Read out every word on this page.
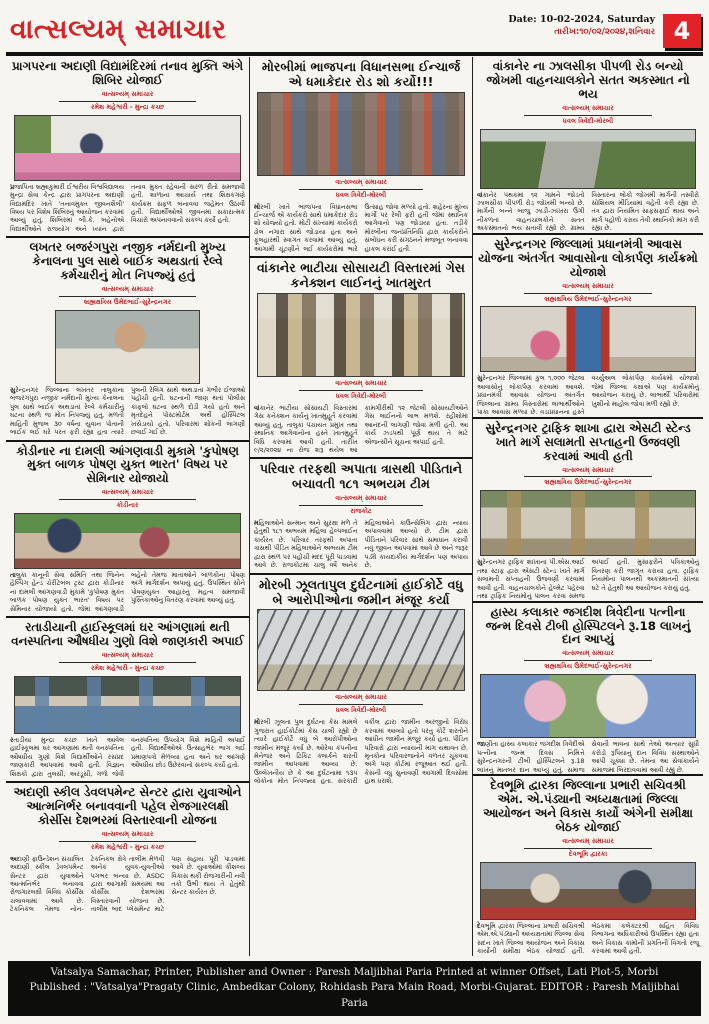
વાત્સલ્યમ્ સમાચાર	Date: 10-02-2024, Saturday
તારીખ:૧૦/૦૨/૨૦૨૪,શનિવાર 4
પ્રાગપરના અદાણી વિદ્યામંદિરમાં તનાવ મુક્તિ અંગે શિબિર યોજાઈ
વાત્સલ્યમ્ સમાચાર
રમેશ મહેશ્વરી - મુન્દ્રા કચ્છ
પ્રજાપિતા બ્રહ્માકુમારી ઈશ્વરીય વિશ્વવિદ્યાલય મુન્દ્રા સેવા કેન્દ્ર દ્વારા પ્રાગપરના અદાણી વિદ્યામંદિર ખાતે 'તનાવમુક્ત જીવનશૈલી' વિષય પર વિશેષ શિબિરનું આયોજન કરવામાં આવ્યું હતું. શિબિરમાં બી.કે. બહેનોએ વિદ્યાર્થીઓને રાજયોગ અને ધ્યાન દ્વારા તનાવ મુક્ત રહેવાની સરળ રીતો સમજાવી હતી. શાળાના આચાર્ય તથા શિક્ષકગણે કાર્યક્રમ સફળ બનાવવા જહેમત ઉઠાવી હતી. વિદ્યાર્થીઓએ જીવનમાં સકારાત્મક વિચારો અપનાવવાનો સંકલ્પ કર્યો હતો.
લખતર બજરંગપુરા નજીક નર્મદાની મુખ્ય કેનાલના પુલ સાથે બાઈક અથડાતાં રેલ્વે કર્મચારીનું મોત નિપજ્યું હતું
વાત્સલ્યમ્ સમાચાર
બ્રહ્મક્ષત્રિય ઉમેદભાઈ-સુરેન્દ્રનગર
સુરેન્દ્રનગર જિલ્લાના લખતર તાલુકાના બજરંગપુરા નજીક નર્મદાની મુખ્ય કેનાલના પુલ સાથે બાઈક અથડાતાં રેલ્વે કર્મચારીનું ઘટના સ્થળે જ મોત નિપજ્યું હતું. મળતી માહિતી મુજબ ૩૦ વર્ષના યુવાન પોતાની બાઈક લઈ ઘરે પરત ફરી રહ્યા હતા ત્યારે પુલની રેલિંગ સાથે અથડાતાં ગંભીર ઈજાઓ પહોંચી હતી. ઘટનાની જાણ થતાં પોલીસ કાફલો ઘટના સ્થળે દોડી ગયો હતો અને મૃતદેહને પોસ્ટમોર્ટમ અર્થે હોસ્પિટલ ખસેડાયો હતો. પરિવારમાં શોકની લાગણી છવાઈ ગઈ છે.
કોડીનાર ના દામલી આંગણવાડી મુકામે 'કુપોષણ મુક્ત બાળક પોષણ યુક્ત ભારત' વિષય પર સેમિનાર યોજાયો
વાત્સલ્યમ્ સમાચાર
કોડીનાર
તાલુકા કાનૂની સેવા સમિતિ તથા જિનેન હેલ્પિંગ હેન્ડ ચેરીટેબલ ટ્રસ્ટ દ્વારા કોડીનાર ના દામલી આંગણવાડી મુકામે 'કુપોષણ મુક્ત બાળક પોષણ યુક્ત ભારત' વિષય પર સેમિનાર યોજાયો હતો. જેમાં આંગણવાડી બહેનો તેમજ માતાઓને બાળકોના પોષણ અંગે માર્ગદર્શન અપાયું હતું. ઉપસ્થિત સૌને પોષણયુક્ત આહારનું મહત્વ સમજાવી પુસ્તિકાઓનું વિતરણ કરવામાં આવ્યું હતું.
રતાડીયાની હાઈસ્કૂલમાં ઘર આંગણામાં થતી વનસ્પતિના ઔષધીય ગુણો વિશે જાણકારી અપાઈ
વાત્સલ્યમ્ સમાચાર
રમેશ મહેશ્વરી - મુન્દ્રા કચ્છ
રતાડીયા મુન્દ્રા કચ્છ ખાતે આવેલ હાઈસ્કૂલમાં ઘર આંગણામાં થતી વનસ્પતિના ઔષધીય ગુણો વિશે વિદ્યાર્થીઓને રસપ્રદ જાણકારી આપવામાં આવી હતી. વિજ્ઞાન શિક્ષકો દ્વારા તુલસી, અરડૂસી, ગળો જેવી વનસ્પતિના ઉપયોગ વિશે માહિતી અપાઈ હતી. વિદ્યાર્થીઓએ ઉત્સાહભેર ભાગ લઈ પ્રમાણપત્રો મેળવ્યા હતા અને ઘર આંગણે ઔષધીય છોડ ઉછેરવાનો સંકલ્પ કર્યો હતો.
અદાણી સ્કીલ ડેવલપમેન્ટ સેન્ટર દ્વારા યુવાઓને આત્મનિર્ભર બનાવવાની પહેલ રોજગારલક્ષી કોર્સીસ દેશભરમાં વિસ્તારવાની યોજના
વાત્સલ્યમ્ સમાચાર
રમેશ મહેશ્વરી - મુન્દ્રા કચ્છ
અદાણી ફાઉન્ડેશન સંચાલિત અદાણી સ્કીલ ડેવલપમેન્ટ સેન્ટર દ્વારા યુવાઓને આત્મનિર્ભર બનાવવા રોજગારલક્ષી વિવિધ કોર્સીસ ચલાવવામાં આવે છે. ટેકનિકલ તેમજ નોન-ટેકનિકલ ક્ષેત્રે તાલીમ મેળવી અનેક યુવક-યુવતીઓ પગભર બન્યા છે. ASDC દ્વારા આગામી સમયમાં આ કોર્સીસ દેશભરમાં વિસ્તારવાની યોજના છે. તાલીમ બાદ પ્લેસમેન્ટ માટે પણ સહાય પૂરી પાડવામાં આવે છે. યુવાઓમાં કૌશલ્ય વિકાસ થકી રોજગારીની નવી તકો ઉભી થાય તે હેતુથી સેન્ટર કાર્યરત છે.
મોરબીમાં ભાજપના વિધાનસભા ઈન્ચાર્જ એ ધમાકેદાર રોડ શો કર્યો!!!
વાત્સલ્યમ્ સમાચાર
ધવલ ત્રિવેદી-મોરબી
મોરબી ખાતે ભાજપના વિધાનસભા ઈન્ચાર્જ એ કાર્યકરો સાથે ધમાકેદાર રોડ શો યોજ્યો હતો. મોટી સંખ્યામાં કાર્યકરો ઢોલ નગારા સાથે જોડાયા હતા અને ફૂલહારથી સ્વાગત કરવામાં આવ્યું હતું. આગામી ચૂંટણીને લઈ કાર્યકરોમાં ભારે ઉત્સાહ જોવા મળ્યો હતો. શહેરના મુખ્ય માર્ગો પર રેલી ફરી હતી જેમાં સ્થાનિક આગેવાનો પણ જોડાયા હતા. તડીકે મોરબીના જનપ્રતિનિધિ દ્વારા કાર્યકરોને સંબોધન કરી સંગઠનને મજબૂત બનાવવા હાકલ કરાઈ હતી.
વાંકાનેર ભાટીયા સોસાયટી વિસ્તારમાં ગેસ કનેક્શન લાઈનનું ખાતમુરત
વાત્સલ્યમ્ સમાચાર
ધવલ ત્રિવેદી-મોરબી
વાંકાનેર ભાટીયા સોસાયટી વિસ્તારમાં ગેસ કનેક્શન કાર્યનું ખાતમુહૂર્ત કરવામાં આવ્યું હતું. તાલુકા પંચાયત પ્રમુખ તથા સ્થાનિક આગેવાનોના હસ્તે ખાતમુહૂર્ત વિધિ કરવામાં આવી હતી. તારીખ ૯/૨/૨૦૨૪ ના રોજ શરૂ થયેલ આ કામગીરીથી ૧૨ જેટલી સોસાયટીઓને ગેસ લાઈનનો લાભ મળશે. રહીશોમાં આનંદની લાગણી જોવા મળી હતી. આ કાર્ય ઝડપથી પૂર્ણ થાય તે માટે એજન્સીને સૂચના અપાઈ હતી.
પરિવાર તરફથી અપાતા ત્રાસથી પીડિતાને બચાવતી ૧૮૧ અભયમ ટીમ
વાત્સલ્યમ્ સમાચાર
રાજકોટ
મહિલાઓને સન્માન અને સુરક્ષા મળે તે હેતુથી ૧૮૧ અભયમ મહિલા હેલ્પલાઈન કાર્યરત છે. પરિવાર તરફથી અપાતા ત્રાસથી પીડિત મહિલાઓને અભયમ ટીમ દ્વારા સ્થળ પર પહોંચી મદદ પૂરી પાડવામાં આવે છે. રાજકોટમાં ચાલુ વર્ષે અનેક મહિલાઓને કાઉન્સેલિંગ દ્વારા ન્યાય અપાવવામાં આવ્યો છે. ટીમ દ્વારા પીડિતાને પરિવાર સાથે સમાધાન કરાવી નવું જીવન આપવામાં આવે છે અને જરૂર પડ્યે કાયદાકીય માર્ગદર્શન પણ અપાય છે.
મોરબી ઝૂલતાપુલ દુર્ઘટનામાં હાઈકોર્ટે વધુ બે આરોપીઓના જમીન મંજૂર કર્યા
વાત્સલ્યમ્ સમાચાર
ધવલ ત્રિવેદી-મોરબી
મોરબી ઝૂલતા પુલ દુર્ઘટના કેસ મામલે ગુજરાત હાઈકોર્ટમાં કેસ ચાલી રહ્યો છે ત્યારે હાઈકોર્ટે વધુ બે આરોપીઓના જામીન મંજૂર કર્યા છે. ઓરેવા કંપનીના મેનેજર અને ટિકિટ ક્લાર્કને શરતી જામીન આપવામાં આવ્યા છે. ઉલ્લેખનીય છે કે આ દુર્ઘટનામાં ૧૩૫ લોકોના મોત નિપજ્યા હતા. સરકારી વકીલ દ્વારા જામીન અરજીનો વિરોધ કરવામાં આવ્યો હતો પરંતુ કોર્ટે શરતોને આધીન જામીન મંજૂર કર્યા હતા. પીડિત પરિવારો દ્વારા ન્યાયની માંગ યથાવત છે. મૃતકોના પરિવારજનોને વળતર ચૂકવવા અંગે પણ કોર્ટમાં રજૂઆત થઈ હતી. કેસની વધુ સુનાવણી આગામી દિવસોમાં હાથ ધરાશે.
વાંકાનેર ના ઝાલસીકા પીપળી રોડ બન્યો જોખમી વાહનચાલકોને સતત અકસ્માત નો ભય
વાત્સલ્યમ્ સમાચાર
ધવલ ત્રિવેદી-મોરબી
વાંકાનેર પંથકમાં ૧૨ ગામને જોડતો ઝાલસીકા પીપળી રોડ જોખમી બન્યો છે. માર્ગની બન્ને બાજુ ઝાડી-ઝાંખરા ઉગી નીકળતાં વાહનચાલકોને સતત અકસ્માતનો ભય સતાવી રહ્યો છે. ગ્રામ્ય વિસ્તારના લોકો જોખમી માર્ગની તસ્વીરો સોશિયલ મીડિયામાં વહેતી કરી રહ્યા છે. તંત્ર દ્વારા નિયમિત સાફસફાઈ થાય અને માર્ગ પહોળો કરાય તેવી સ્થાનિકો માંગ કરી રહ્યા છે.
સુરેન્દ્રનગર જિલ્લામાં પ્રધાનમંત્રી આવાસ યોજના અંતર્ગત આવાસોના લોકાર્પણ કાર્યક્રમો યોજાશે
વાત્સલ્યમ્ સમાચાર
બ્રહ્મક્ષત્રિય ઉમેદભાઈ-સુરેન્દ્રનગર
સુરેન્દ્રનગર જિલ્લામાં કુલ ૧,૦૦૦ જેટલા આવાસોનું લોકાર્પણ કરવામાં આવશે. પ્રધાનમંત્રી આવાસ યોજના અંતર્ગત જિલ્લાના ગ્રામ્ય વિસ્તારોમાં લાભાર્થીઓને પાકા આવાસ મળ્યા છે. વડાપ્રધાનના હસ્તે વર્ચ્યુઅલ લોકાર્પણ કાર્યક્રમો યોજાશે જેમાં જિલ્લા કક્ષાએ પણ કાર્યક્રમોનું આયોજન કરાયું છે. લાભાર્થી પરિવારોમાં ખુશીનો માહોલ જોવા મળી રહ્યો છે.
સુરેન્દ્રનગર ટ્રાફિક શાખા દ્વારા એસટી સ્ટેન્ડ ખાતે માર્ગ સલામતી સપ્તાહની ઉજવણી કરવામાં આવી હતી
વાત્સલ્યમ્ સમાચાર
બ્રહ્મક્ષત્રિય ઉમેદભાઈ-સુરેન્દ્રનગર
સુરેન્દ્રનગર ટ્રાફિક શાખાના પી.એસ.આઈ તથા સ્ટાફ દ્વારા એસટી સ્ટેન્ડ ખાતે માર્ગ સલામતી સપ્તાહની ઉજવણી કરવામાં આવી હતી. વાહનચાલકોને હેલ્મેટ પહેરવા તથા ટ્રાફિક નિયમોનું પાલન કરવા સમજ અપાઈ હતી. મુસાફરોને પત્રિકાઓનું વિતરણ કરી જાગૃત કરાયા હતા. ટ્રાફિક નિયમોના પાલનથી અકસ્માતની સંખ્યા ઘટે તે હેતુથી આ આયોજન કરાયું હતું.
હાસ્ય કલાકાર જગદીશ ત્રિવેદીના પત્નીના જન્મ દિવસે ટીબી હોસ્પિટલને રૂ.18 લાખનું દાન આપ્યું
વાત્સલ્યમ્ સમાચાર
બ્રહ્મક્ષત્રિય ઉમેદભાઈ-સુરેન્દ્રનગર
જાણીતા હાસ્ય કલાકાર જગદીશ ત્રિવેદીએ પત્નીના જન્મ દિવસ નિમિત્તે સુરેન્દ્રનગરની ટીબી હોસ્પિટલને રૂ.18 લાખનું માતબર દાન આપ્યું હતું. સમાજ સેવાની ભાવના સાથે તેઓ અત્યાર સુધી કરોડો રૂપિયાનું દાન વિવિધ સંસ્થાઓને આપી ચૂક્યા છે. તેમના આ સેવાકાર્યને સમાજમાં બિરદાવવામાં આવી રહ્યું છે.
દેવભૂમિ દ્વારકા જિલ્લાના પ્રભારી સચિવશ્રી એમ. એ.પંડ્યાની અધ્યક્ષતામાં જિલ્લા આયોજન અને વિકાસ કાર્યો અંગેની સમીક્ષા બેઠક યોજાઈ
વાત્સલ્યમ્ સમાચાર
દેવભૂમિ દ્વારકા
દેવભૂમિ દ્વારકા જિલ્લાના પ્રભારી સચિવશ્રી એમ.એ.પંડ્યાની અધ્યક્ષતામાં જિલ્લા સેવા સદન ખાતે જિલ્લા આયોજન અને વિકાસ કાર્યોની સમીક્ષા બેઠક યોજાઈ હતી. બેઠકમાં કલેક્ટરશ્રી સહિત વિવિધ વિભાગના અધિકારીઓ ઉપસ્થિત રહ્યા હતા અને વિકાસ કામોની પ્રગતિની વિગતો રજૂ કરવામાં આવી હતી.
Vatsalya Samachar, Printer, Publisher and Owner : Paresh Maljibhai Paria Printed at winner Offset, Lati Plot-5, Morbi
Published : "Vatsalya"Pragaty Clinic, Ambedkar Colony, Rohidash Para Main Road, Morbi-Gujarat. EDITOR : Paresh Maljibhai Paria
